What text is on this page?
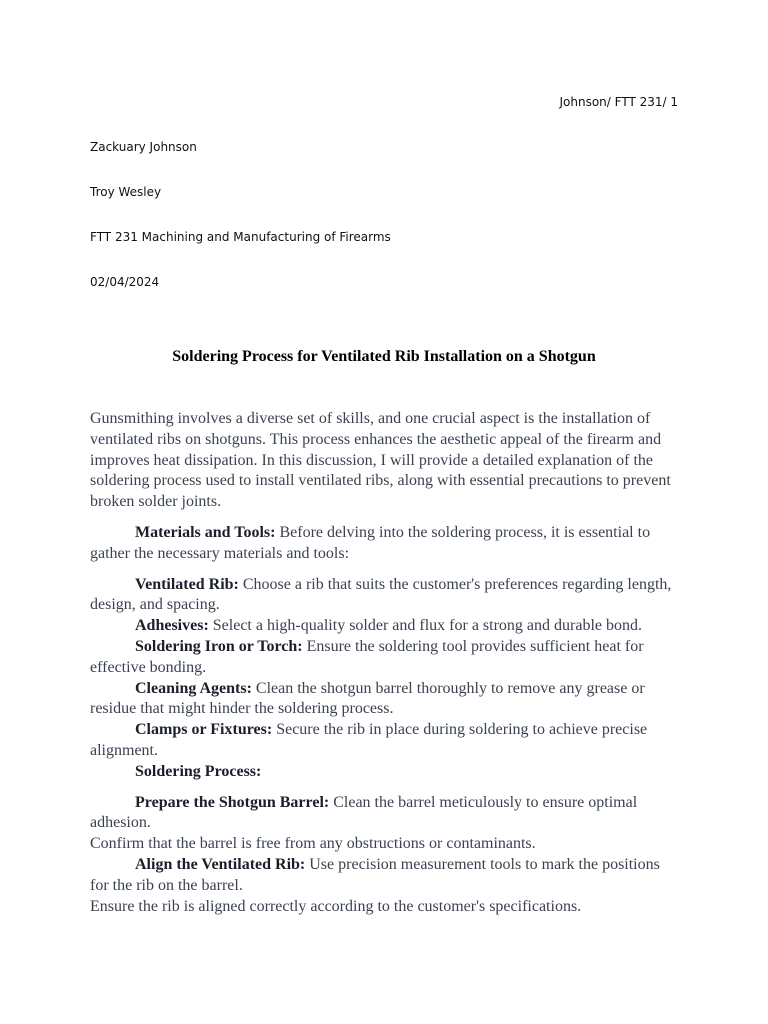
Johnson/ FTT 231/ 1
Zackuary Johnson
Troy Wesley
FTT 231 Machining and Manufacturing of Firearms
02/04/2024
Soldering Process for Ventilated Rib Installation on a Shotgun

Gunsmithing involves a diverse set of skills, and one crucial aspect is the installation of ventilated ribs on shotguns. This process enhances the aesthetic appeal of the firearm and improves heat dissipation. In this discussion, I will provide a detailed explanation of the soldering process used to install ventilated ribs, along with essential precautions to prevent broken solder joints.

Materials and Tools: Before delving into the soldering process, it is essential to gather the necessary materials and tools:

Ventilated Rib: Choose a rib that suits the customer's preferences regarding length, design, and spacing.

Adhesives: Select a high-quality solder and flux for a strong and durable bond.

Soldering Iron or Torch: Ensure the soldering tool provides sufficient heat for effective bonding.

Cleaning Agents: Clean the shotgun barrel thoroughly to remove any grease or residue that might hinder the soldering process.

Clamps or Fixtures: Secure the rib in place during soldering to achieve precise alignment.

Soldering Process:

Prepare the Shotgun Barrel: Clean the barrel meticulously to ensure optimal adhesion.

Confirm that the barrel is free from any obstructions or contaminants.

Align the Ventilated Rib: Use precision measurement tools to mark the positions for the rib on the barrel.

Ensure the rib is aligned correctly according to the customer's specifications.
